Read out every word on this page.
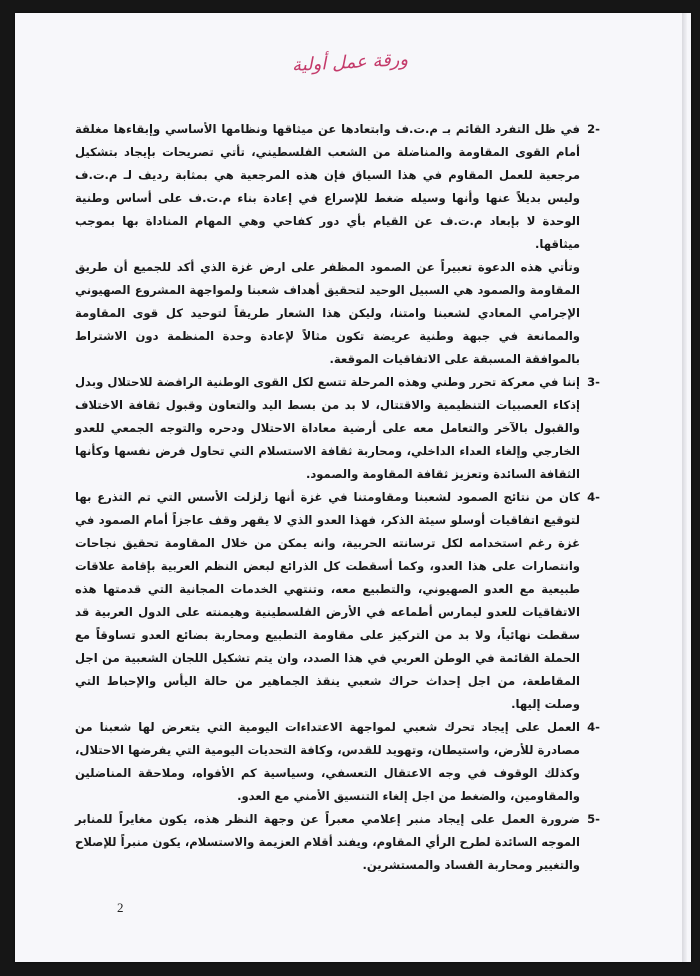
ورقة عمل أولية

2-
في ظل التفرد القائم بـ م.ت.ف وابتعادها عن ميثاقها ونظامها الأساسي وإبقاءها مغلقة أمام القوى المقاومة والمناضلة من الشعب الفلسطيني، تأتي تصريحات بإيجاد بتشكيل مرجعية للعمل المقاوم في هذا السياق فإن هذه المرجعية هي بمثابة رديف لـ م.ت.ف وليس بديلاً عنها وأنها وسيله ضغط للإسراع في إعادة بناء م.ت.ف على أساس وطنية الوحدة لا بإبعاد م.ت.ف عن القيام بأي دور كفاحي وهي المهام المناداة بها بموجب ميثاقها.

وتأتي هذه الدعوة تعبيراً عن الصمود المظفر على ارض غزة الذي أكد للجميع أن طريق المقاومة والصمود هي السبيل الوحيد لتحقيق أهداف شعبنا ولمواجهة المشروع الصهيوني الإجرامي المعادي لشعبنا وامتنا، وليكن هذا الشعار طريقاً لتوحيد كل قوى المقاومة والممانعة في جبهة وطنية عريضة تكون مثالاً لإعادة وحدة المنظمة دون الاشتراط بالموافقة المسبقة على الاتفاقيات الموقعة.

3-
إننا في معركة تحرر وطني وهذه المرحلة تتسع لكل القوى الوطنية الرافضة للاحتلال وبدل إذكاء العصبيات التنظيمية والاقتتال، لا بد من بسط اليد والتعاون وقبول ثقافة الاختلاف والقبول بالآخر والتعامل معه على أرضية معاداة الاحتلال ودحره والتوجه الجمعي للعدو الخارجي وإلغاء العداء الداخلي، ومحاربة ثقافة الاستسلام التي تحاول فرض نفسها وكأنها الثقافة السائدة وتعزيز ثقافة المقاومة والصمود.

4-
كان من نتائج الصمود لشعبنا ومقاومتنا في غزة أنها زلزلت الأسس التي تم التذرع بها لتوقيع اتفاقيات أوسلو سيئة الذكر، فهذا العدو الذي لا يقهر وقف عاجزاً أمام الصمود في غزة رغم استخدامه لكل ترسانته الحربية، وانه يمكن من خلال المقاومة تحقيق نجاحات وانتصارات على هذا العدو، وكما أسقطت كل الذرائع لبعض النظم العربية بإقامة علاقات طبيعية مع العدو الصهيوني، والتطبيع معه، وتنتهي الخدمات المجانية التي قدمتها هذه الاتفاقيات للعدو ليمارس أطماعه في الأرض الفلسطينية وهيمنته على الدول العربية قد سقطت نهائياً، ولا بد من التركيز على مقاومة التطبيع ومحاربة بضائع العدو تساوقاً مع الحملة القائمة في الوطن العربي في هذا الصدد، وان يتم تشكيل اللجان الشعبية من اجل المقاطعة، من اجل إحداث حراك شعبي ينقذ الجماهير من حالة اليأس والإحباط التي وصلت إليها.

4-
العمل على إيجاد تحرك شعبي لمواجهة الاعتداءات اليومية التي يتعرض لها شعبنا من مصادرة للأرض، واستيطان، وتهويد للقدس، وكافة التحديات اليومية التي يفرضها الاحتلال، وكذلك الوقوف في وجه الاعتقال التعسفي، وسياسية كم الأفواه، وملاحقة المناضلين والمقاومين، والضغط من اجل إلغاء التنسيق الأمني مع العدو.

5-
ضرورة العمل على إيجاد منبر إعلامي معبراً عن وجهة النظر هذه، يكون مغايراً للمنابر الموجه السائدة لطرح الرأي المقاوم، ويفند أقلام العزيمة والاستسلام، يكون منبراً للإصلاح والتغيير ومحاربة الفساد والمستشرين.

2
